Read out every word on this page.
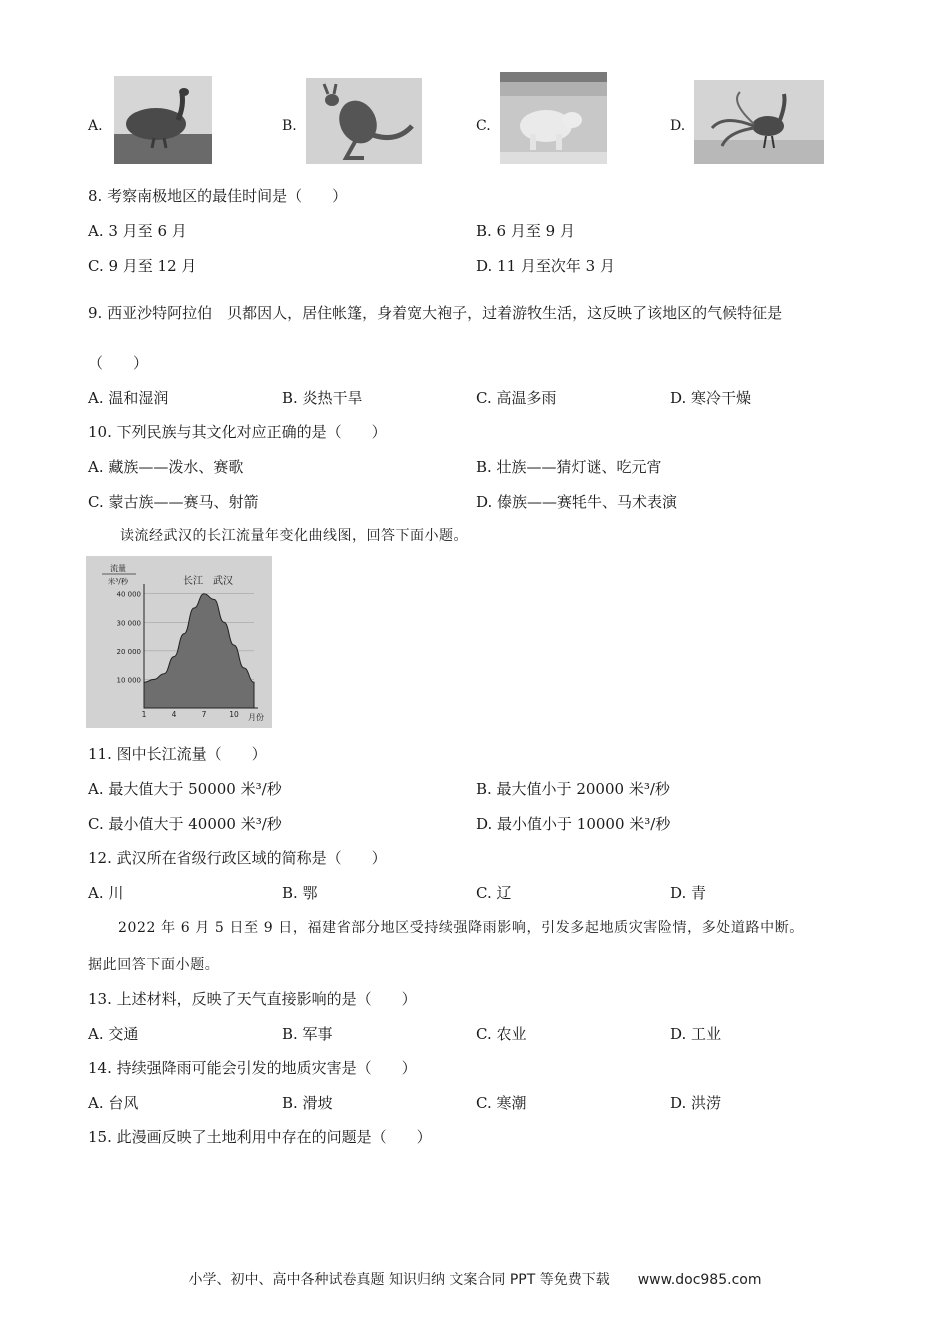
A.	B.	C.	D.
8. 考察南极地区的最佳时间是（　　）
A. 3 月至 6 月	B. 6 月至 9 月
C. 9 月至 12 月	D. 11 月至次年 3 月
9. 西亚沙特阿拉伯　贝都因人，居住帐篷，身着宽大袍子，过着游牧生活，这反映了该地区的气候特征是
（　　）
A. 温和湿润	B. 炎热干旱	C. 高温多雨	D. 寒冷干燥
10. 下列民族与其文化对应正确的是（　　）
A. 藏族——泼水、赛歌	B. 壮族——猜灯谜、吃元宵
C. 蒙古族——赛马、射箭	D. 傣族——赛牦牛、马术表演
读流经武汉的长江流量年变化曲线图，回答下面小题。
流量
米³/秒	长江　武汉
10 000
20 000
30 000
40 000
1	4	7	10 月份
11. 图中长江流量（　　）
A. 最大值大于 50000 米³/秒	B. 最大值小于 20000 米³/秒
C. 最小值大于 40000 米³/秒	D. 最小值小于 10000 米³/秒
12. 武汉所在省级行政区域的简称是（　　）
A. 川	B. 鄂	C. 辽	D. 青
2022 年 6 月 5 日至 9 日，福建省部分地区受持续强降雨影响，引发多起地质灾害险情，多处道路中断。
据此回答下面小题。
13. 上述材料，反映了天气直接影响的是（　　）
A. 交通	B. 军事	C. 农业	D. 工业
14. 持续强降雨可能会引发的地质灾害是（　　）
A. 台风	B. 滑坡	C. 寒潮	D. 洪涝
15. 此漫画反映了土地利用中存在的问题是（　　）
小学、初中、高中各种试卷真题 知识归纳 文案合同 PPT 等免费下载　　www.doc985.com
